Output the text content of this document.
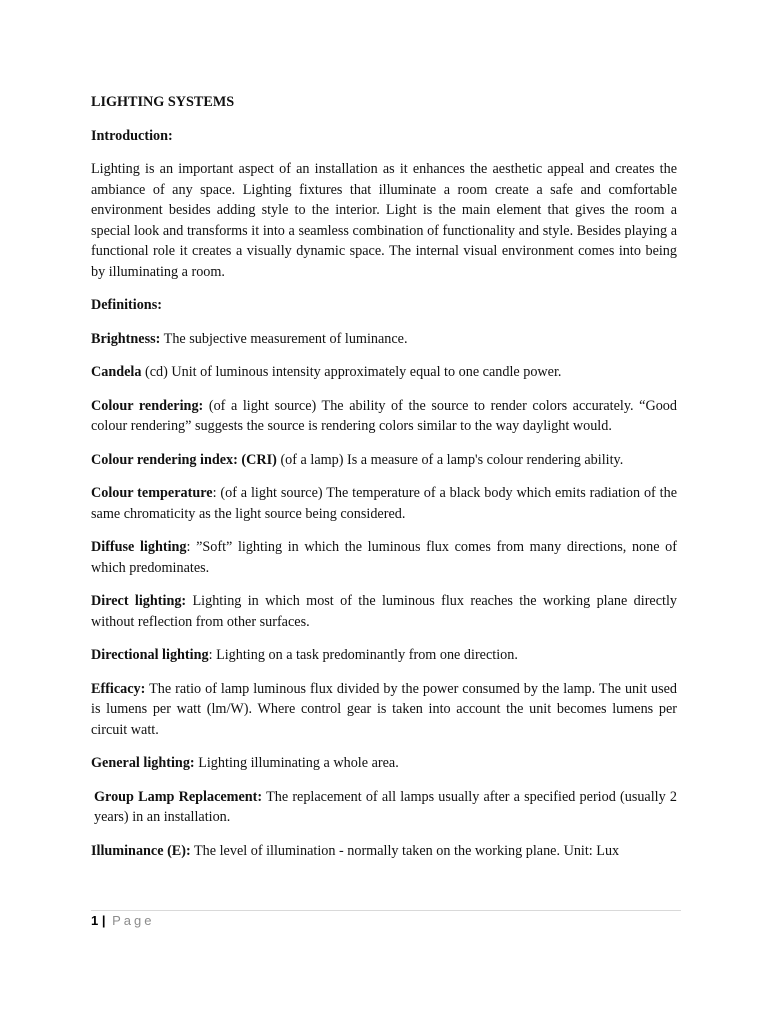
LIGHTING SYSTEMS

Introduction:

Lighting is an important aspect of an installation as it enhances the aesthetic appeal and creates the ambiance of any space. Lighting fixtures that illuminate a room create a safe and comfortable environment besides adding style to the interior. Light is the main element that gives the room a special look and transforms it into a seamless combination of functionality and style. Besides playing a functional role it creates a visually dynamic space. The internal visual environment comes into being by illuminating a room.

Definitions:

Brightness: The subjective measurement of luminance.

Candela (cd) Unit of luminous intensity approximately equal to one candle power.

Colour rendering: (of a light source) The ability of the source to render colors accurately. “Good colour rendering” suggests the source is rendering colors similar to the way daylight would.

Colour rendering index: (CRI) (of a lamp) Is a measure of a lamp's colour rendering ability.

Colour temperature: (of a light source) The temperature of a black body which emits radiation of the same chromaticity as the light source being considered.

Diffuse lighting: ”Soft” lighting in which the luminous flux comes from many directions, none of which predominates.

Direct lighting: Lighting in which most of the luminous flux reaches the working plane directly without reflection from other surfaces.

Directional lighting: Lighting on a task predominantly from one direction.

Efficacy: The ratio of lamp luminous flux divided by the power consumed by the lamp. The unit used is lumens per watt (lm/W). Where control gear is taken into account the unit becomes lumens per circuit watt.

General lighting: Lighting illuminating a whole area.

Group Lamp Replacement: The replacement of all lamps usually after a specified period (usually 2 years) in an installation.

Illuminance (E): The level of illumination - normally taken on the working plane. Unit: Lux

1 | Page
